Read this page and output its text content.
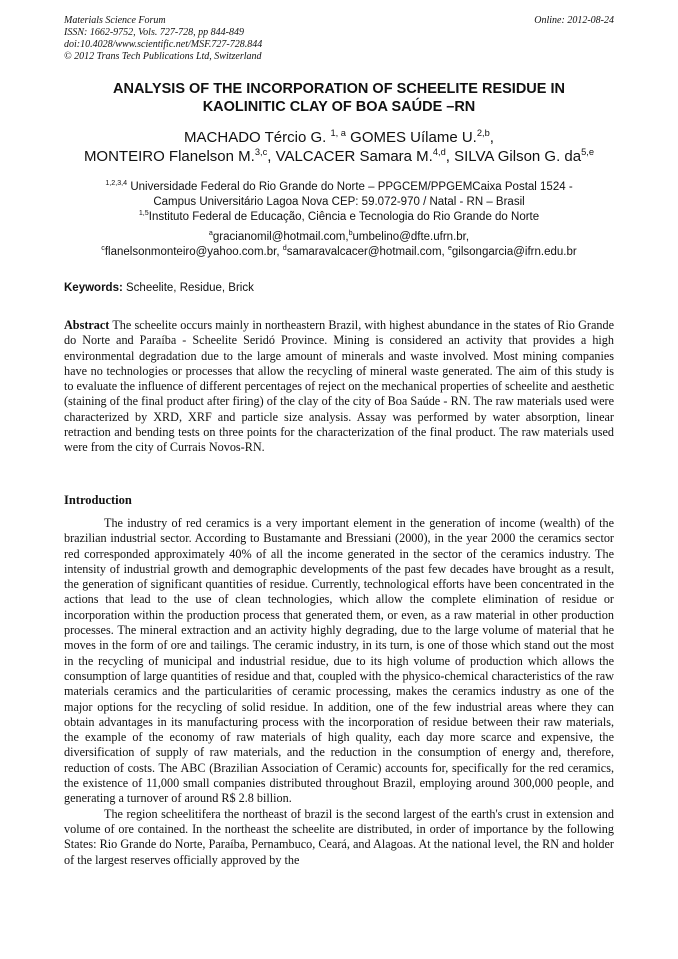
Materials Science Forum
ISSN: 1662-9752, Vols. 727-728, pp 844-849
doi:10.4028/www.scientific.net/MSF.727-728.844
© 2012 Trans Tech Publications Ltd, Switzerland
Online: 2012-08-24
ANALYSIS OF THE INCORPORATION OF SCHEELITE RESIDUE IN
KAOLINITIC CLAY OF BOA SAÚDE –RN
MACHADO Tércio G. $^{1, a}$ GOMES Uílame U.$^{2,b}$,
MONTEIRO Flanelson M.$^{3,c}$, VALCACER Samara M.$^{4,d}$, SILVA Gilson G. da$^{5,e}$
$^{1,2,3,4}$ Universidade Federal do Rio Grande do Norte – PPGCEM/PPGEMCaixa Postal 1524 -
Campus Universitário Lagoa Nova CEP: 59.072-970 / Natal - RN – Brasil
$^{1,5}$Instituto Federal de Educação, Ciência e Tecnologia do Rio Grande do Norte
$^a$gracianomil@hotmail.com,$^b$umbelino@dfte.ufrn.br,
$^c$flanelsonmonteiro@yahoo.com.br, $^d$samaravalcacer@hotmail.com, $^e$gilsongarcia@ifrn.edu.br
Keywords: Scheelite, Residue, Brick
Abstract The scheelite occurs mainly in northeastern Brazil, with highest abundance in the states of Rio Grande do Norte and Paraíba - Scheelite Seridó Province. Mining is considered an activity that provides a high environmental degradation due to the large amount of minerals and waste involved. Most mining companies have no technologies or processes that allow the recycling of mineral waste generated. The aim of this study is to evaluate the influence of different percentages of reject on the mechanical properties of scheelite and aesthetic (staining of the final product after firing) of the clay of the city of Boa Saúde - RN. The raw materials used were characterized by XRD, XRF and particle size analysis. Assay was performed by water absorption, linear retraction and bending tests on three points for the characterization of the final product. The raw materials used were from the city of Currais Novos-RN.
Introduction

The industry of red ceramics is a very important element in the generation of income (wealth) of the brazilian industrial sector. According to Bustamante and Bressiani (2000), in the year 2000 the ceramics sector red corresponded approximately 40% of all the income generated in the sector of the ceramics industry. The intensity of industrial growth and demographic developments of the past few decades have brought as a result, the generation of significant quantities of residue. Currently, technological efforts have been concentrated in the actions that lead to the use of clean technologies, which allow the complete elimination of residue or incorporation within the production process that generated them, or even, as a raw material in other production processes. The mineral extraction and an activity highly degrading, due to the large volume of material that he moves in the form of ore and tailings. The ceramic industry, in its turn, is one of those which stand out the most in the recycling of municipal and industrial residue, due to its high volume of production which allows the consumption of large quantities of residue and that, coupled with the physico-chemical characteristics of the raw materials ceramics and the particularities of ceramic processing, makes the ceramics industry as one of the major options for the recycling of solid residue. In addition, one of the few industrial areas where they can obtain advantages in its manufacturing process with the incorporation of residue between their raw materials, the example of the economy of raw materials of high quality, each day more scarce and expensive, the diversification of supply of raw materials, and the reduction in the consumption of energy and, therefore, reduction of costs. The ABC (Brazilian Association of Ceramic) accounts for, specifically for the red ceramics, the existence of 11,000 small companies distributed throughout Brazil, employing around 300,000 people, and generating a turnover of around R$ 2.8 billion.

The region scheelitifera the northeast of brazil is the second largest of the earth's crust in extension and volume of ore contained. In the northeast the scheelite are distributed, in order of importance by the following States: Rio Grande do Norte, Paraíba, Pernambuco, Ceará, and Alagoas. At the national level, the RN and holder of the largest reserves officially approved by the
